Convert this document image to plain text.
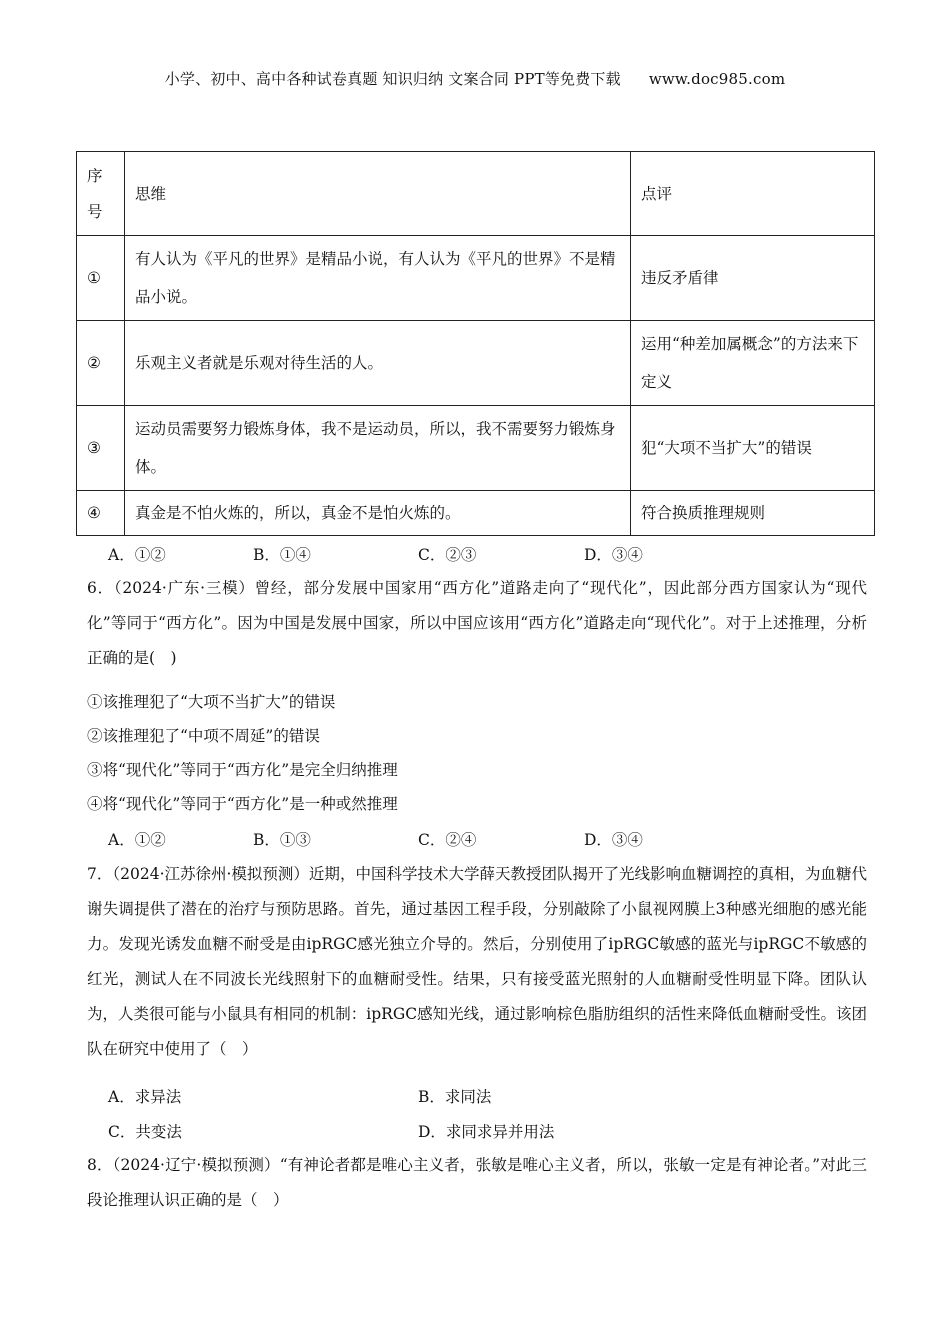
小学、初中、高中各种试卷真题 知识归纳 文案合同 PPT等免费下载 www.doc985.com
序号	思维	点评
①	有人认为《平凡的世界》是精品小说，有人认为《平凡的世界》不是精品小说。	违反矛盾律
②	乐观主义者就是乐观对待生活的人。	运用“种差加属概念”的方法来下定义
③	运动员需要努力锻炼身体，我不是运动员，所以，我不需要努力锻炼身体。	犯“大项不当扩大”的错误
④	真金是不怕火炼的，所以，真金不是怕火炼的。	符合换质推理规则
A．①②	B．①④	C．②③	D．③④
6．（2024·广东·三模）曾经，部分发展中国家用“西方化”道路走向了“现代化”，因此部分西方国家认为“现代化”等同于“西方化”。因为中国是发展中国家，所以中国应该用“西方化”道路走向“现代化”。对于上述推理，分析正确的是(　)
①该推理犯了“大项不当扩大”的错误
②该推理犯了“中项不周延”的错误
③将“现代化”等同于“西方化”是完全归纳推理
④将“现代化”等同于“西方化”是一种或然推理
A．①②	B．①③	C．②④	D．③④
7．（2024·江苏徐州·模拟预测）近期，中国科学技术大学薛天教授团队揭开了光线影响血糖调控的真相，为血糖代谢失调提供了潜在的治疗与预防思路。首先，通过基因工程手段，分别敲除了小鼠视网膜上3种感光细胞的感光能力。发现光诱发血糖不耐受是由ipRGC感光独立介导的。然后，分别使用了ipRGC敏感的蓝光与ipRGC不敏感的红光，测试人在不同波长光线照射下的血糖耐受性。结果，只有接受蓝光照射的人血糖耐受性明显下降。团队认为，人类很可能与小鼠具有相同的机制：ipRGC感知光线，通过影响棕色脂肪组织的活性来降低血糖耐受性。该团队在研究中使用了（　）
A．求异法	B．求同法
C．共变法	D．求同求异并用法
8．（2024·辽宁·模拟预测）“有神论者都是唯心主义者，张敏是唯心主义者，所以，张敏一定是有神论者。”对此三段论推理认识正确的是（　）
